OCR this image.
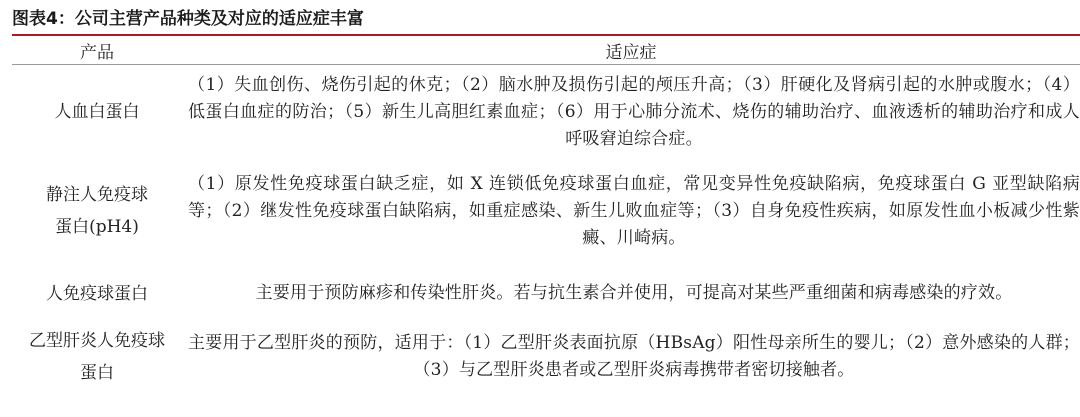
图表4：公司主营产品种类及对应的适应症丰富
产品	适应症

人血白蛋白	（1）失血创伤、烧伤引起的休克；（2）脑水肿及损伤引起的颅压升高；（3）肝硬化及肾病引起的水肿或腹水；（4）低蛋白血症的防治；（5）新生儿高胆红素血症；（6）用于心肺分流术、烧伤的辅助治疗、血液透析的辅助治疗和成人呼吸窘迫综合症。

静注人免疫球蛋白(pH4)	（1）原发性免疫球蛋白缺乏症，如 X 连锁低免疫球蛋白血症，常见变异性免疫缺陷病，免疫球蛋白 G 亚型缺陷病等；（2）继发性免疫球蛋白缺陷病，如重症感染、新生儿败血症等；（3）自身免疫性疾病，如原发性血小板减少性紫癜、川崎病。

人免疫球蛋白	主要用于预防麻疹和传染性肝炎。若与抗生素合并使用，可提高对某些严重细菌和病毒感染的疗效。

乙型肝炎人免疫球蛋白	主要用于乙型肝炎的预防，适用于：（1）乙型肝炎表面抗原（HBsAg）阳性母亲所生的婴儿；（2）意外感染的人群；（3）与乙型肝炎患者或乙型肝炎病毒携带者密切接触者。
